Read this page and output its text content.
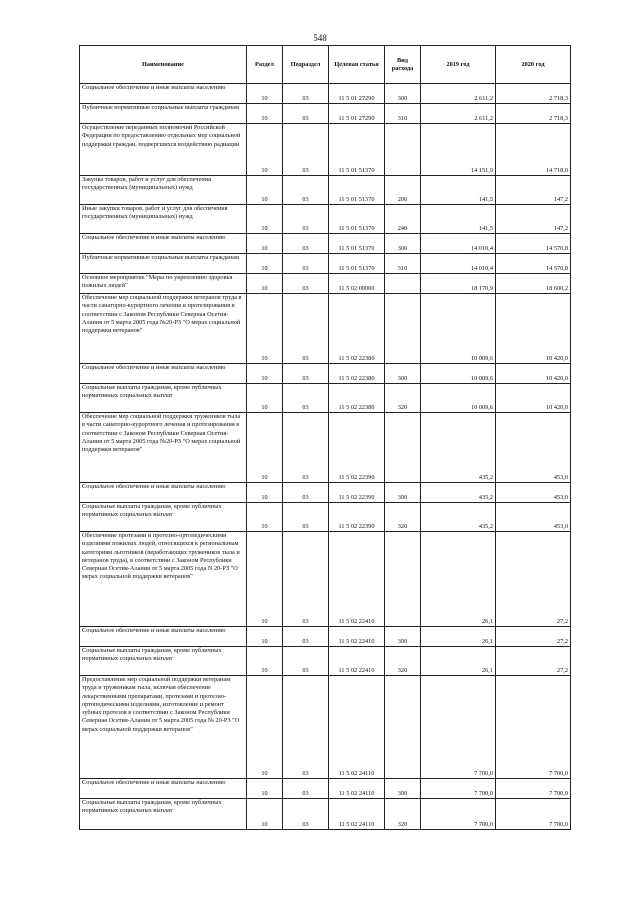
548
Наименование	Раздел	Подраздел	Целевая статья	Вид расхода	2019 год	2020 год
Социальное обеспечение и иные выплаты населению	10	03	11 5 01 27290	300	2 611,2	2 718,3
Публичные нормативные социальные выплаты гражданам	10	03	11 5 01 27290	310	2 611,2	2 718,3
Осуществление переданных полномочий Российской Федерации по предоставлению отдельных мер социальной поддержки граждан, подвергшихся воздействию радиации	10	03	11 5 01 51370		14 151,9	14 718,0
Закупка товаров, работ и услуг для обеспечения государственных (муниципальных) нужд	10	03	11 5 01 51370	200	141,5	147,2
Иные закупки товаров, работ и услуг для обеспечения государственных (муниципальных) нужд	10	03	11 5 01 51370	240	141,5	147,2
Социальное обеспечение и иные выплаты населению	10	03	11 5 01 51370	300	14 010,4	14 570,8
Публичные нормативные социальные выплаты гражданам	10	03	11 5 01 51370	310	14 010,4	14 570,8
Основное мероприятие "Меры по укреплению здоровья пожилых людей"	10	03	11 5 02 00000		18 170,9	18 600,2
Обеспечение мер социальной поддержки ветеранов труда в части санаторно-курортного лечения и протезирования в соответствии с Законом Республики Северная Осетия-Алания от 5 марта 2005 года №20-РЗ "О мерах социальной поддержки ветеранов"	10	03	11 5 02 22380		10 009,6	10 420,0
Социальное обеспечение и иные выплаты населению	10	03	11 5 02 22380	300	10 009,6	10 420,0
Социальные выплаты гражданам, кроме публичных нормативных социальных выплат	10	03	11 5 02 22380	320	10 009,6	10 420,0
Обеспечение мер социальной поддержки тружеников тыла в части санаторно-курортного лечения и протезирования в соответствии с Законом Республики Северная Осетия-Алания от 5 марта 2005 года №20-РЗ "О мерах социальной поддержки ветеранов"	10	03	11 5 02 22390		435,2	453,0
Социальное обеспечение и иные выплаты населению	10	03	11 5 02 22390	300	435,2	453,0
Социальные выплаты гражданам, кроме публичных нормативных социальных выплат	10	03	11 5 02 22390	320	435,2	453,0
Обеспечение протезами и протезно-ортопедическими изделиями пожилых людей, относящихся к региональным категориям льготников (neработающих тружеников тыла и ветеранов труда), в соответствии с Законом Республики Северная Осетия-Алания от 5 марта 2005 года N 20-РЗ "О мерах социальной поддержки ветеранов"	10	03	11 5 02 22410		26,1	27,2
Социальное обеспечение и иные выплаты населению	10	03	11 5 02 22410	300	26,1	27,2
Социальные выплаты гражданам, кроме публичных нормативных социальных выплат	10	03	11 5 02 22410	320	26,1	27,2
Предоставление мер социальной поддержки ветеранам труда и труженикам тыла, включая обеспечение лекарственными препаратами, протезами и протезно-ортопедическими изделиями, изготовление и ремонт зубных протезов в соответствии с Законом Республики Северная Осетия-Алания от 5 марта 2005 года № 20-РЗ "О мерах социальной поддержки ветеранов"	10	03	11 5 02 24110		7 700,0	7 700,0
Социальное обеспечение и иные выплаты населению	10	03	11 5 02 24110	300	7 700,0	7 700,0
Социальные выплаты гражданам, кроме публичных нормативных социальных выплат	10	03	11 5 02 24110	320	7 700,0	7 700,0
